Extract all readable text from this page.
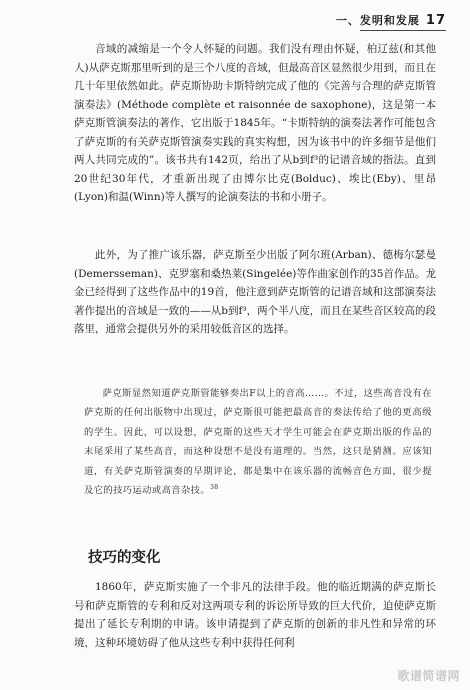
一、发明和发展 17

音域的减缩是一个令人怀疑的问题。我们没有理由怀疑，柏辽兹(和其他人)从萨克斯那里听到的是三个八度的音域，但最高音区显然很少用到，而且在几十年里依然如此。萨克斯协助卡斯特纳完成了他的《完善与合理的萨克斯管演奏法》(Méthode complète et raisonnée de saxophone)，这是第一本萨克斯管演奏法的著作，它出版于1845年。“卡斯特纳的演奏法著作可能包含了萨克斯的有关萨克斯管演奏实践的真实构想，因为该书中的许多细节是他们两人共同完成的”。该书共有142页，给出了从b到f³的记谱音域的指法。直到20世纪30年代，才重新出现了由博尔比克(Bolduc)、埃比(Eby)、里昂(Lyon)和温(Winn)等人撰写的论演奏法的书和小册子。

此外，为了推广该乐器，萨克斯至少出版了阿尔班(Arban)、德梅尔瑟曼(Demersseman)、克罗塞和桑热莱(Singelée)等作曲家创作的35首作品。龙金已经得到了这些作品中的19首，他注意到萨克斯管的记谱音域和这部演奏法著作提出的音域是一致的——从b到f³，两个半八度，而且在某些音区较高的段落里，通常会提供另外的采用较低音区的选择。

萨克斯显然知道萨克斯管能够奏出F以上的音高……。不过，这些高音没有在萨克斯的任何出版物中出现过，萨克斯很可能把最高音的奏法传给了他的更高级的学生。因此，可以设想，萨克斯的这些天才学生可能会在萨克斯出版的作品的末尾采用了某些高音，而这种设想不是没有道理的。当然，这只是猜测。应该知道，有关萨克斯管演奏的早期评论，都是集中在该乐器的流畅音色方面，很少提及它的技巧运动或高音杂技。$^{38}$

技巧的变化

1860年，萨克斯实施了一个非凡的法律手段。他的临近期满的萨克斯长号和萨克斯管的专利和反对这两项专利的诉讼所导致的巨大代价，迫使萨克斯提出了延长专利期的申请。该申请提到了萨克斯的创新的非凡性和异常的环境，这种环境妨碍了他从这些专利中获得任何利

歌谱简谱网
